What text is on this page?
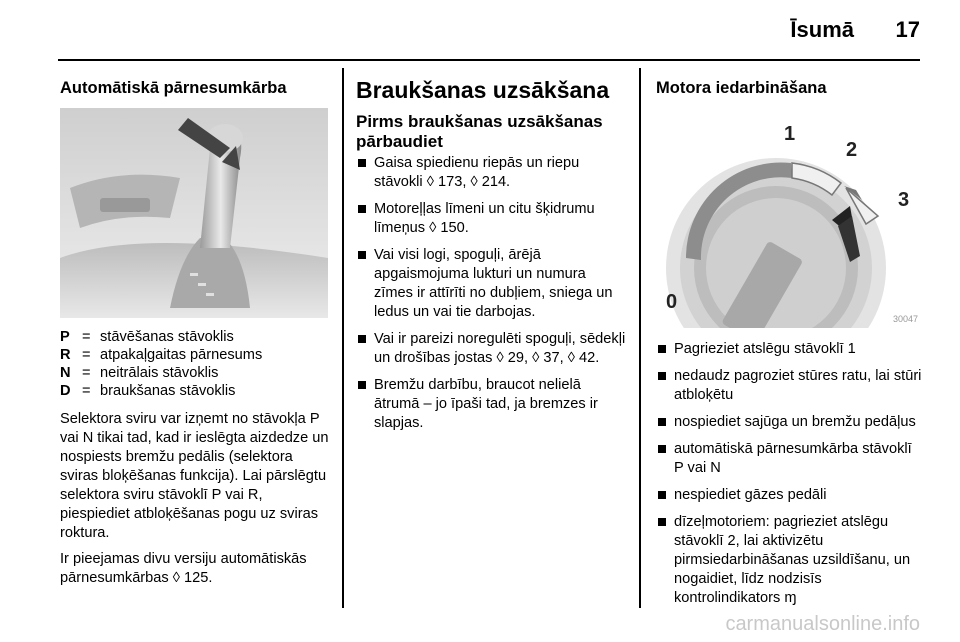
Īsumā 17
Automātiskā pārnesumkārba
P = stāvēšanas stāvoklis
R = atpakaļgaitas pārnesums
N = neitrālais stāvoklis
D = braukšanas stāvoklis

Selektora sviru var izņemt no stāvokļa P vai N tikai tad, kad ir ieslēgta aizdedze un nospiests bremžu pedālis (selektora sviras bloķēšanas funkcija). Lai pārslēgtu selektora sviru stāvoklī P vai R, piespiediet atbloķēšanas pogu uz sviras roktura.

Ir pieejamas divu versiju automātiskās pārnesumkārbas ◊ 125.

Braukšanas uzsākšana
Pirms braukšanas uzsākšanas pārbaudiet
Gaisa spiedienu riepās un riepu stāvokli ◊ 173, ◊ 214.
Motoreļļas līmeni un citu šķidrumu līmeņus ◊ 150.
Vai visi logi, spoguļi, ārējā apgaismojuma lukturi un numura zīmes ir attīrīti no dubļiem, sniega un ledus un vai tie darbojas.
Vai ir pareizi noregulēti spoguļi, sēdekļi un drošības jostas ◊ 29, ◊ 37, ◊ 42.
Bremžu darbību, braucot nelielā ātrumā – jo īpaši tad, ja bremzes ir slapjas.
Motora iedarbināšana
1
2
3
0
30047
Pagrieziet atslēgu stāvoklī 1
nedaudz pagroziet stūres ratu, lai stūri atbloķētu
nospiediet sajūga un bremžu pedāļus
automātiskā pārnesumkārba stāvoklī P vai N
nespiediet gāzes pedāli
dīzeļmotoriem: pagrieziet atslēgu stāvoklī 2, lai aktivizētu pirmsiedarbināšanas uzsildīšanu, un nogaidiet, līdz nodzisīs kontrolindikators ɱ
carmanualsonline.info
